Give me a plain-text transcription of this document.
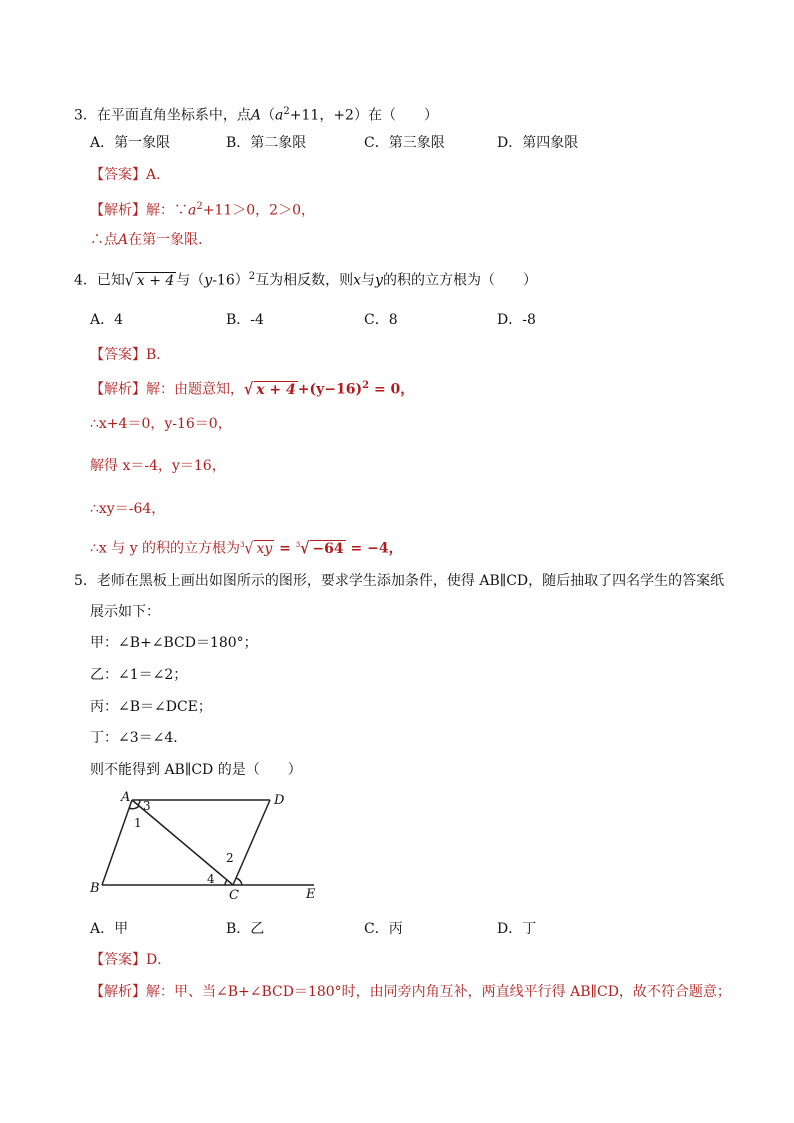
3．在平面直角坐标系中，点$A(a^2+11$，+2）在（　　）
A．第一象限	B．第二象限	C．第三象限	D．第四象限
【答案】A．
【解析】解：$\because a^2+11>0$，2＞0，
∴点A在第一象限．
4．已知√ x + 4 与$(y-16)^2$互为相反数，则x与y的积的立方根为（　　）
A．4	B．-4	C．8	D．-8
【答案】B．
【解析】解：由题意知，√ $x + 4 +(y-16)^2 = 0$，
∴x+4＝0，y-16＝0，
解得 x＝-4，y＝16，
∴xy＝-64，
∴x 与 y 的积的立方根为$^3$√ xy = $^3$√ −64 = −4，
5．老师在黑板上画出如图所示的图形，要求学生添加条件，使得 AB∥CD，随后抽取了四名学生的答案纸
展示如下：
甲：∠B+∠BCD＝180°；
乙：∠1＝∠2；
丙：∠B＝∠DCE；
丁：∠3＝∠4．
则不能得到 AB∥CD 的是（　　）
A	D
B	C	E
3
1
2
4
A．甲	B．乙	C．丙	D．丁
【答案】D．
【解析】解：甲、当∠B+∠BCD＝180°时，由同旁内角互补，两直线平行得 AB∥CD，故不符合题意；
